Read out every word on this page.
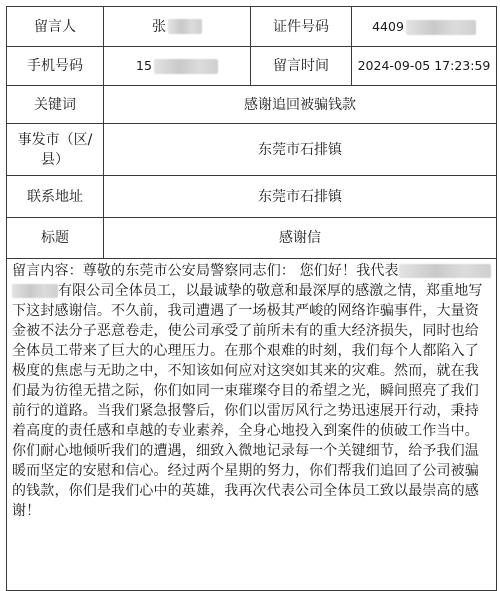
留言人	张	证件号码	4409
手机号码	15	留言时间	2024-09-05 17:23:59
关键词	感谢追回被骗钱款		
事发市（区/县）	东莞市石排镇		
联系地址	东莞市石排镇		
标题	感谢信		
留言内容：尊敬的东莞市公安局警察同志们： 您们好！我代表 有限公司全体员工，以最诚挚的敬意和最深厚的感激之情，郑重地写下这封感谢信。不久前，我司遭遇了一场极其严峻的网络诈骗事件，大量资金被不法分子恶意卷走，使公司承受了前所未有的重大经济损失，同时也给全体员工带来了巨大的心理压力。在那个艰难的时刻，我们每个人都陷入了极度的焦虑与无助之中，不知该如何应对这突如其来的灾难。然而，就在我们最为彷徨无措之际，你们如同一束璀璨夺目的希望之光，瞬间照亮了我们前行的道路。当我们紧急报警后，你们以雷厉风行之势迅速展开行动，秉持着高度的责任感和卓越的专业素养，全身心地投入到案件的侦破工作当中。你们耐心地倾听我们的遭遇，细致入微地记录每一个关键细节，给予我们温暖而坚定的安慰和信心。经过两个星期的努力，你们帮我们追回了公司被骗的钱款，你们是我们心中的英雄，我再次代表公司全体员工致以最崇高的感谢！			
